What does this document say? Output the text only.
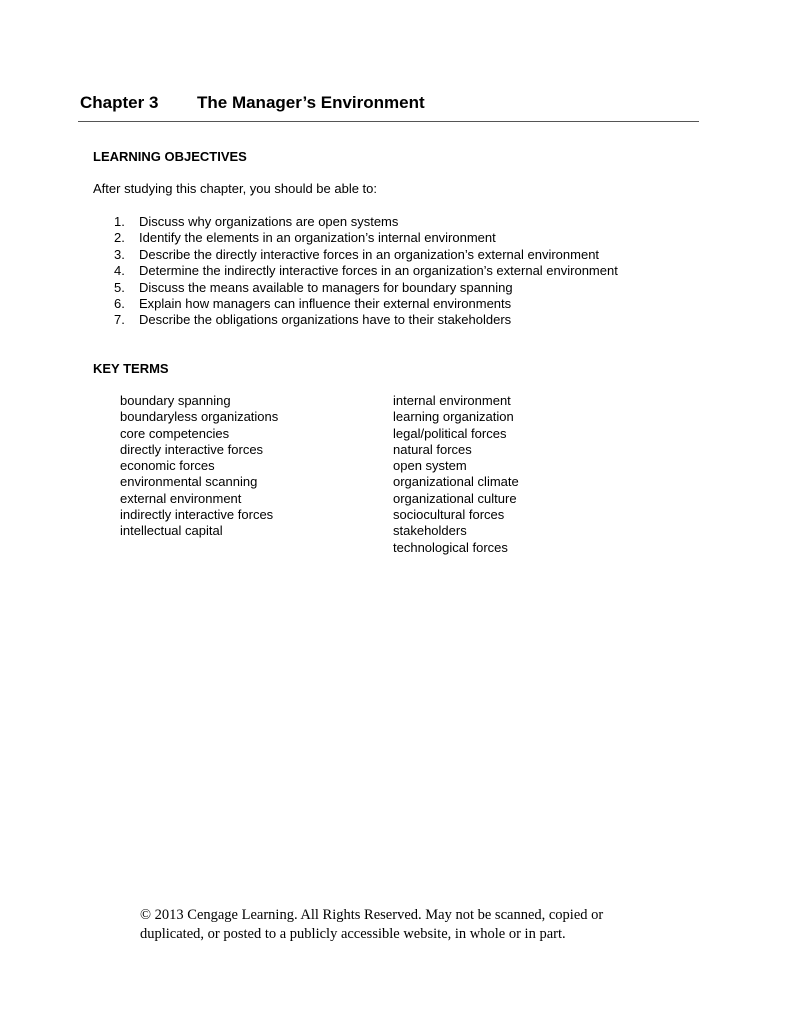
Chapter 3 The Manager’s Environment
LEARNING OBJECTIVES
After studying this chapter, you should be able to:
1. Discuss why organizations are open systems
2. Identify the elements in an organization’s internal environment
3. Describe the directly interactive forces in an organization’s external environment
4. Determine the indirectly interactive forces in an organization’s external environment
5. Discuss the means available to managers for boundary spanning
6. Explain how managers can influence their external environments
7. Describe the obligations organizations have to their stakeholders
KEY TERMS
boundary spanning
boundaryless organizations
core competencies
directly interactive forces
economic forces
environmental scanning
external environment
indirectly interactive forces
intellectual capital
internal environment
learning organization
legal/political forces
natural forces
open system
organizational climate
organizational culture
sociocultural forces
stakeholders
technological forces
© 2013 Cengage Learning. All Rights Reserved. May not be scanned, copied or
duplicated, or posted to a publicly accessible website, in whole or in part.
